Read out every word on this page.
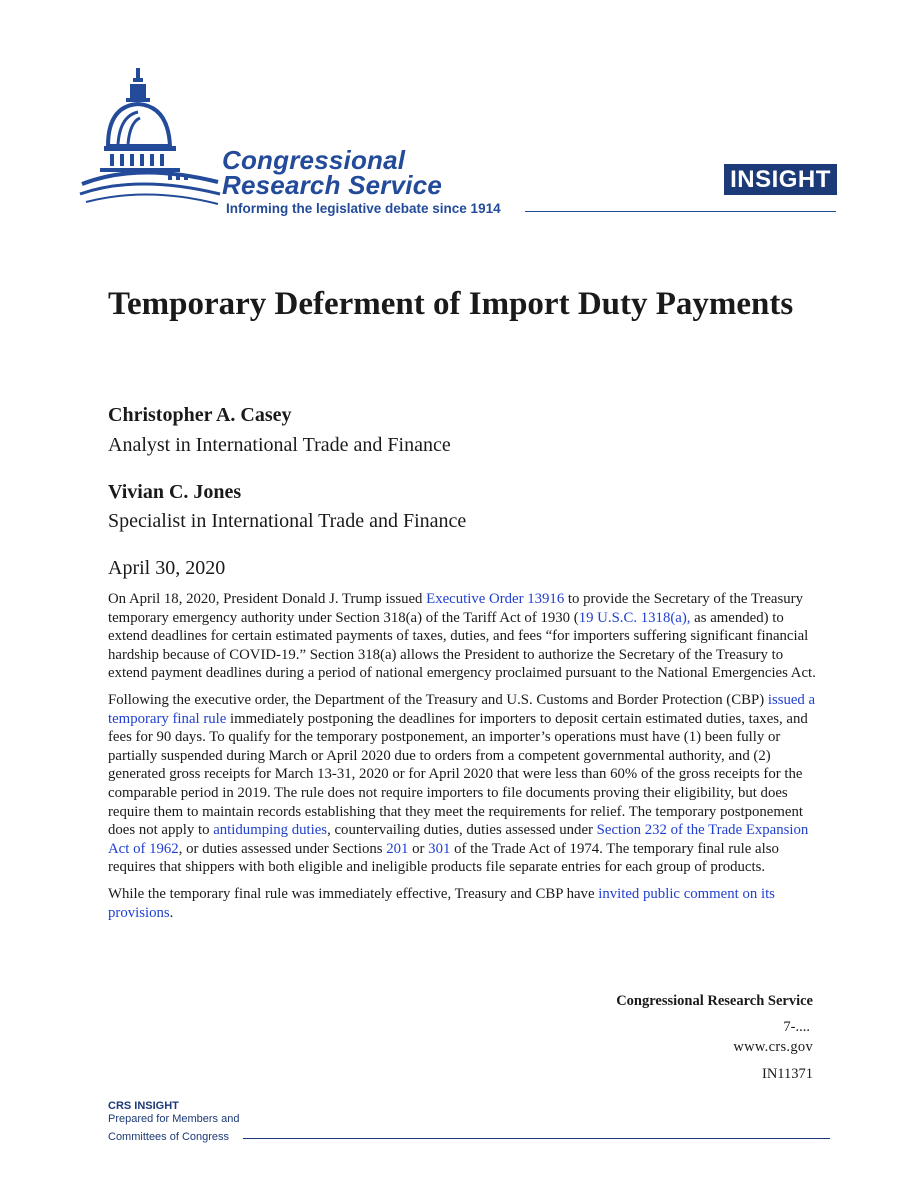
Congressional
Research Service
Informing the legislative debate since 1914
INSIGHT
Temporary Deferment of Import Duty Payments
Christopher A. Casey
Analyst in International Trade and Finance
Vivian C. Jones
Specialist in International Trade and Finance
April 30, 2020

On April 18, 2020, President Donald J. Trump issued Executive Order 13916 to provide the Secretary of the Treasury temporary emergency authority under Section 318(a) of the Tariff Act of 1930 (19 U.S.C. 1318(a), as amended) to extend deadlines for certain estimated payments of taxes, duties, and fees “for importers suffering significant financial hardship because of COVID-19.” Section 318(a) allows the President to authorize the Secretary of the Treasury to extend payment deadlines during a period of national emergency proclaimed pursuant to the National Emergencies Act.

Following the executive order, the Department of the Treasury and U.S. Customs and Border Protection (CBP) issued a temporary final rule immediately postponing the deadlines for importers to deposit certain estimated duties, taxes, and fees for 90 days. To qualify for the temporary postponement, an importer’s operations must have (1) been fully or partially suspended during March or April 2020 due to orders from a competent governmental authority, and (2) generated gross receipts for March 13-31, 2020 or for April 2020 that were less than 60% of the gross receipts for the comparable period in 2019. The rule does not require importers to file documents proving their eligibility, but does require them to maintain records establishing that they meet the requirements for relief. The temporary postponement does not apply to antidumping duties, countervailing duties, duties assessed under Section 232 of the Trade Expansion Act of 1962, or duties assessed under Sections 201 or 301 of the Trade Act of 1974. The temporary final rule also requires that shippers with both eligible and ineligible products file separate entries for each group of products.

While the temporary final rule was immediately effective, Treasury and CBP have invited public comment on its provisions.

Congressional Research Service
7-....
www.crs.gov
IN11371
CRS INSIGHT
Prepared for Members and
Committees of Congress
